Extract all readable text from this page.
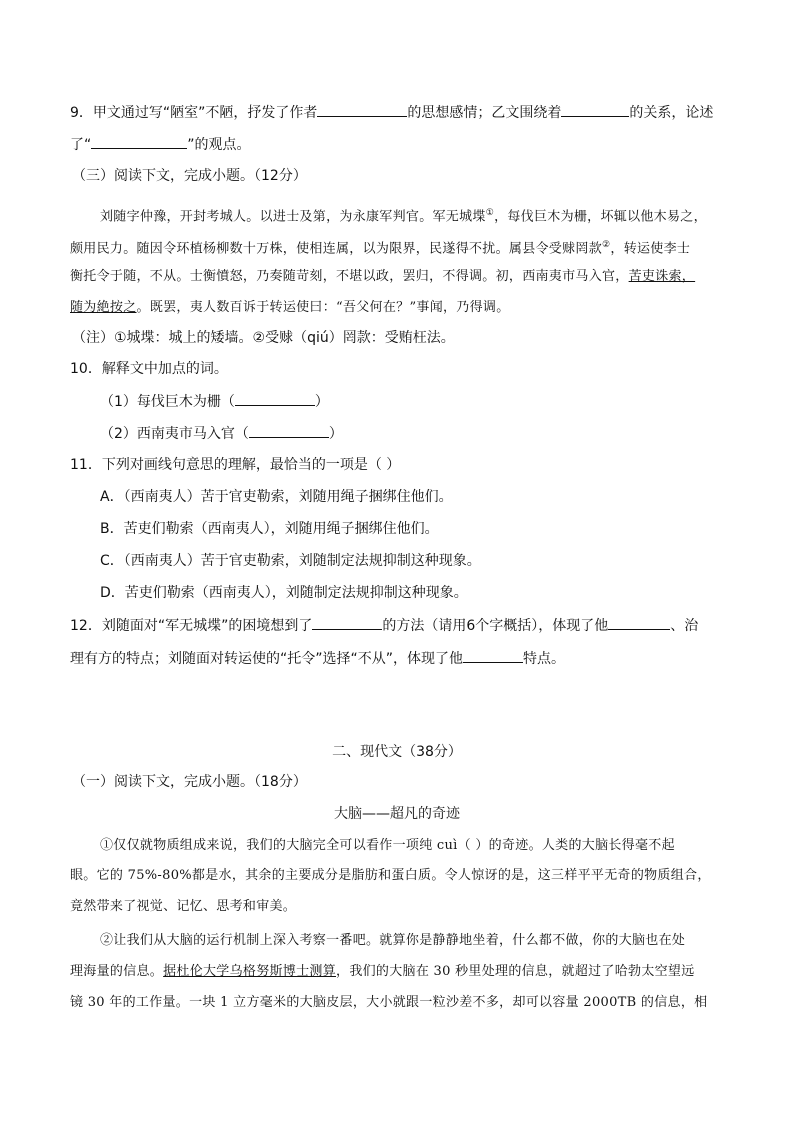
9．甲文通过写“陋室”不陋，抒发了作者	的思想感情；乙文围绕着	的关系，论述
了“	”的观点。
（三）阅读下文，完成小题。（12分）
刘随字仲豫，开封考城人。以进士及第，为永康军判官。军无城堞①，每伐巨木为栅，坏辄以他木易之，
颇用民力。随因令环植杨柳数十万株，使相连属，以为限界，民遂得不扰。属县令受赇罔款②，转运使李士
衡托令于随，不从。士衡憤怒，乃奏随苛刻，不堪以政，罢归，不得调。初，西南夷市马入官，苦吏诛索，
随为絶按之。既罢，夷人数百诉于转运使曰：“吾父何在？”事闻，乃得调。
（注）①城堞：城上的矮墙。②受赇（qiú）罔款：受贿枉法。
10．解释文中加点的词。
（1）每伐巨木为栅（	）
（2）西南夷市马入官（	）
11．下列对画线句意思的理解，最恰当的一项是（ ）
A．（西南夷人）苦于官吏勒索，刘随用绳子捆绑住他们。
B．苦吏们勒索（西南夷人），刘随用绳子捆绑住他们。
C．（西南夷人）苦于官吏勒索，刘随制定法规抑制这种现象。
D．苦吏们勒索（西南夷人），刘随制定法规抑制这种现象。
12．刘随面对“军无城堞”的困境想到了	的方法（请用6个字概括），体现了他	、治
理有方的特点；刘随面对转运使的“托令”选择“不从”，体现了他	特点。
二、现代文（38分）
（一）阅读下文，完成小题。（18分）
大脑——超凡的奇迹
①仅仅就物质组成来说，我们的大脑完全可以看作一项纯 cuì（ ）的奇迹。人类的大脑长得毫不起
眼。它的 75%-80%都是水，其余的主要成分是脂肪和蛋白质。令人惊讶的是，这三样平平无奇的物质组合，
竟然带来了视觉、记忆、思考和审美。
②让我们从大脑的运行机制上深入考察一番吧。就算你是静静地坐着，什么都不做，你的大脑也在处
理海量的信息。据杜伦大学乌格努斯博士测算，我们的大脑在 30 秒里处理的信息，就超过了哈勃太空望远
镜 30 年的工作量。一块 1 立方毫米的大脑皮层，大小就跟一粒沙差不多，却可以容量 2000TB 的信息，相
